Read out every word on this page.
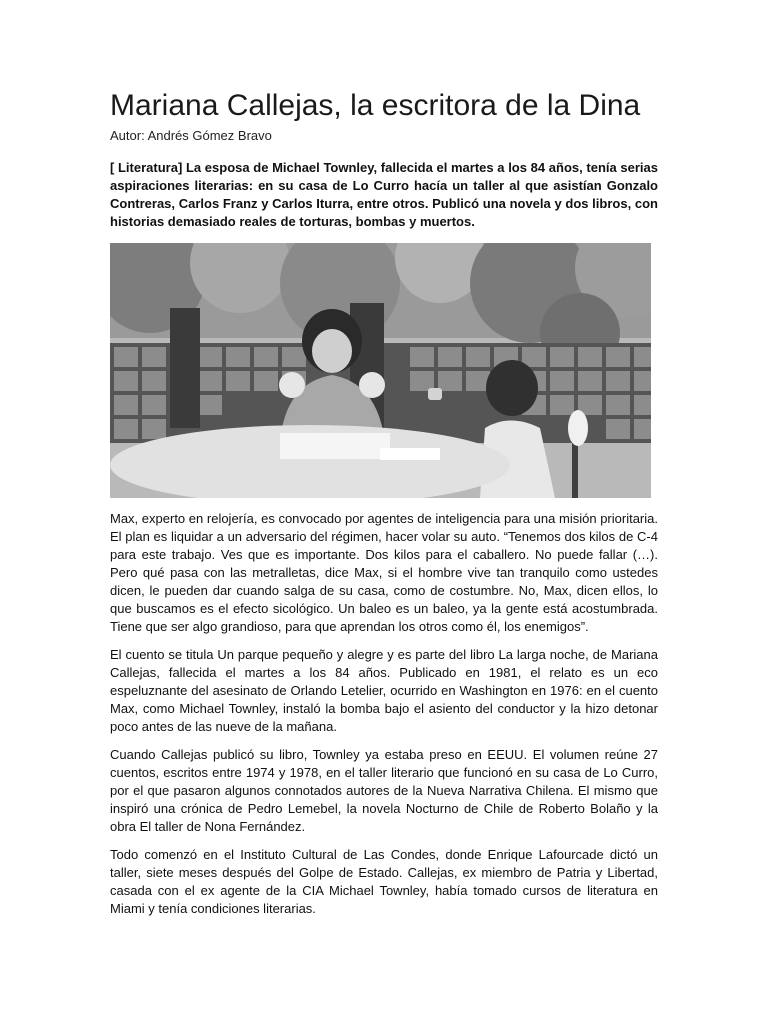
Mariana Callejas, la escritora de la Dina
Autor: Andrés Gómez Bravo

[ Literatura] La esposa de Michael Townley, fallecida el martes a los 84 años, tenía serias aspiraciones literarias: en su casa de Lo Curro hacía un taller al que asistían Gonzalo Contreras, Carlos Franz y Carlos Iturra, entre otros. Publicó una novela y dos libros, con historias demasiado reales de torturas, bombas y muertos.

Max, experto en relojería, es convocado por agentes de inteligencia para una misión prioritaria. El plan es liquidar a un adversario del régimen, hacer volar su auto. “Tenemos dos kilos de C-4 para este trabajo. Ves que es importante. Dos kilos para el caballero. No puede fallar (…). Pero qué pasa con las metralletas, dice Max, si el hombre vive tan tranquilo como ustedes dicen, le pueden dar cuando salga de su casa, como de costumbre. No, Max, dicen ellos, lo que buscamos es el efecto sicológico. Un baleo es un baleo, ya la gente está acostumbrada. Tiene que ser algo grandioso, para que aprendan los otros como él, los enemigos”.

El cuento se titula Un parque pequeño y alegre y es parte del libro La larga noche, de Mariana Callejas, fallecida el martes a los 84 años. Publicado en 1981, el relato es un eco espeluznante del asesinato de Orlando Letelier, ocurrido en Washington en 1976: en el cuento Max, como Michael Townley, instaló la bomba bajo el asiento del conductor y la hizo detonar poco antes de las nueve de la mañana.

Cuando Callejas publicó su libro, Townley ya estaba preso en EEUU. El volumen reúne 27 cuentos, escritos entre 1974 y 1978, en el taller literario que funcionó en su casa de Lo Curro, por el que pasaron algunos connotados autores de la Nueva Narrativa Chilena. El mismo que inspiró una crónica de Pedro Lemebel, la novela Nocturno de Chile de Roberto Bolaño y la obra El taller de Nona Fernández.

Todo comenzó en el Instituto Cultural de Las Condes, donde Enrique Lafourcade dictó un taller, siete meses después del Golpe de Estado. Callejas, ex miembro de Patria y Libertad, casada con el ex agente de la CIA Michael Townley, había tomado cursos de literatura en Miami y tenía condiciones literarias.
